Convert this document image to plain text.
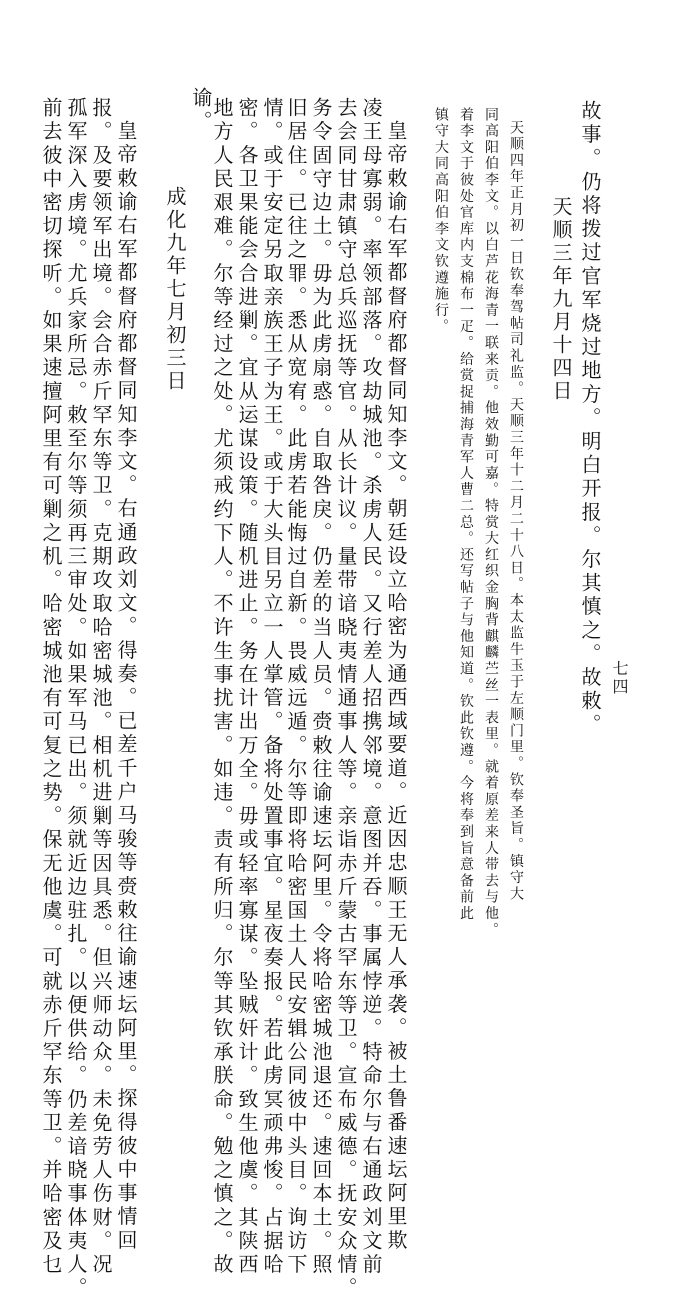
七四
故事。仍将拨过官军烧过地方。明白开报。尔其慎之。故敕。
天顺三年九月十四日
天顺四年正月初一日钦奉驾帖司礼监。天顺三年十二月二十八日。本太监牛玉于左顺门里。钦奉圣旨。镇守大
同高阳伯李文。以白芦花海青一联来贡。他效勤可嘉。特赏大红织金胸背麒麟苎丝一表里。就着原差来人带去与他。
着李文于彼处官库内支棉布一疋。给赏捉捕海青军人曹二总。还写帖子与他知道。钦此钦遵。今将奉到旨意备前此
镇守大同高阳伯李文钦遵施行。
谕。
皇帝敕谕右军都督府都督同知李文。朝廷设立哈密为通西域要道。近因忠顺王无人承袭。被土鲁番速坛阿里欺
凌王母寡弱。率领部落。攻劫城池。杀虏人民。又行差人招携邻境。意图并吞。事属悖逆。特命尔与右通政刘文前
去会同甘肃镇守总兵巡抚等官。从长计议。量带谙晓夷情通事人等。亲诣赤斤蒙古罕东等卫。宣布威德。抚安众情。
务令固守边土。毋为此虏扇惑。自取咎戾。仍差的当人员。赍敕往谕速坛阿里。令将哈密城池退还。速回本土。照
旧居住。已往之罪。悉从宽宥。此虏若能悔过自新。畏威远遁。尔等即将哈密国土人民安辑公同彼中头目。询访下
情。或于安定另取亲族王子为王。或于大头目另立一人掌管。备将处置事宜。星夜奏报。若此虏冥顽弗悛。占据哈
密。各卫果能会合进剿。宜从运谋设策。随机进止。务在计出万全。毋或轻率寡谋。坠贼奸计。致生他虞。其陕西
地方人民艰难。尔等经过之处。尤须戒约下人。不许生事扰害。如违。责有所归。尔等其钦承朕命。勉之慎之。故
成化九年七月初三日
皇帝敕谕右军都督府都督同知李文。右通政刘文。得奏。已差千户马骏等赍敕往谕速坛阿里。探得彼中事情回
报。及要领军出境。会合赤斤罕东等卫。克期攻取哈密城池。相机进剿等因具悉。但兴师动众。未免劳人伤财。况
孤军深入虏境。尤兵家所忌。敕至尔等须再三审处。如果军马已出。须就近边驻扎。以便供给。仍差谙晓事体夷人。
前去彼中密切探听。如果速擅阿里有可剿之机。哈密城池有可复之势。保无他虞。可就赤斤罕东等卫。并哈密及乜
